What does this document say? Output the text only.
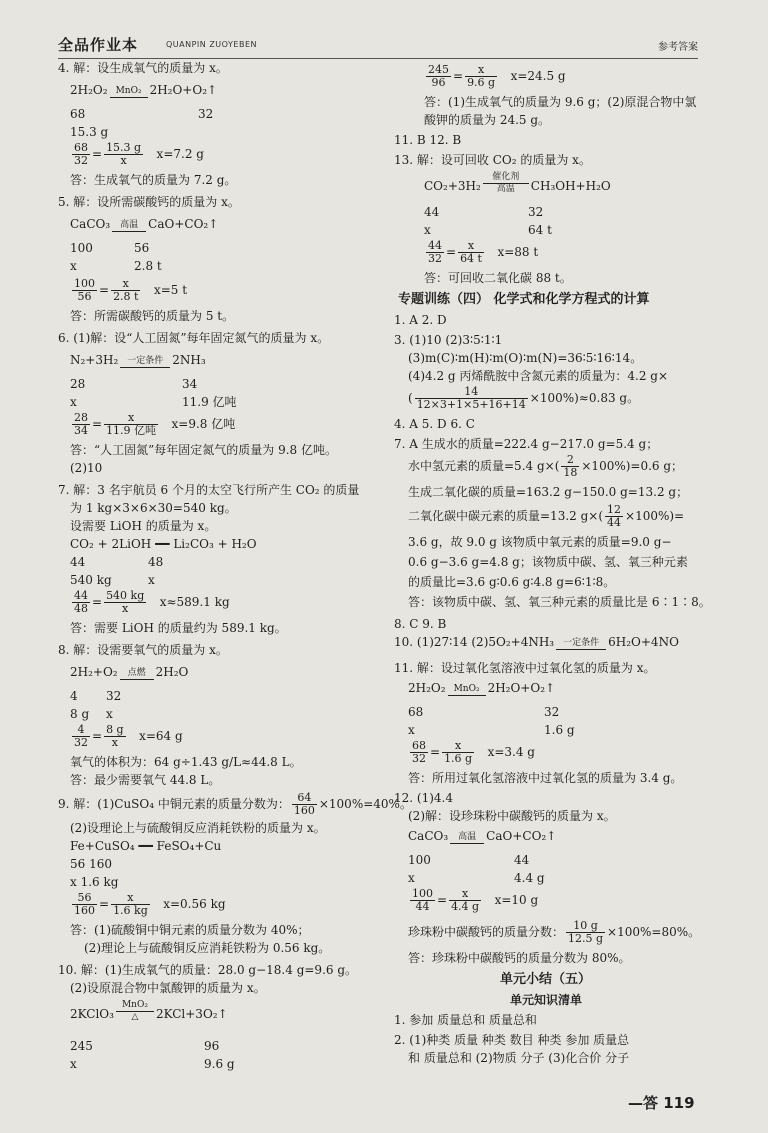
全品作业本	QUANPIN ZUOYEBEN	参考答案
4. 解：设生成氧气的质量为 x。
2H₂O₂ MnO₂ 2H₂O+O₂↑
68	32
15.3 g
$\frac{68}{32} = \frac{15.3 g}{x} x=7.2$ g
答：生成氧气的质量为 7.2 g。
5. 解：设所需碳酸钙的质量为 x。
CaCO₃	高温 CaO+CO₂↑
100	56
x	2.8 t
$\frac{100}{56} = \frac{x}{2.8 t} x=5$ t
答：所需碳酸钙的质量为 5 t。
6. (1)解：设“人工固氮”每年固定氮气的质量为 x。
N₂+3H₂ 一定条件 2NH₃
28	34
x	11.9 亿吨
$\frac{28}{34} = \frac{x}{\text{11.9 亿吨}} x=9.8$ 亿吨
答：“人工固氮”每年固定氮气的质量为 9.8 亿吨。
(2)10
7. 解：3 名宇航员 6 个月的太空飞行所产生 CO₂ 的质量
为 1 kg×3×6×30=540 kg。
设需要 LiOH 的质量为 x。
CO₂ + 2LiOH ━━ Li₂CO₃ + H₂O
44	48
540 kg	x
$\frac{44}{48} = \frac{540 kg}{x} x\approx 589.1$ kg
答：需要 LiOH 的质量约为 589.1 kg。
8. 解：设需要氧气的质量为 x。
2H₂+O₂	点燃 2H₂O
4 32
8 g x
$\frac{4}{32} = \frac{8 g}{x} x=64$ g
氧气的体积为：64 g÷1.43 g/L≈44.8 L。
答：最少需要氧气 44.8 L。
9. 解：(1)CuSO₄ 中铜元素的质量分数为： $\frac{64}{160} \times 100\%=40\%$。
(2)设理论上与硫酸铜反应消耗铁粉的质量为 x。
Fe+CuSO₄ ━━ FeSO₄+Cu
56 160
x 1.6 kg
$\frac{56}{160} = \frac{x}{1.6 kg} x=0.56$ kg
答：(1)硫酸铜中铜元素的质量分数为 40%；
(2)理论上与硫酸铜反应消耗铁粉为 0.56 kg。
10. 解：(1)生成氧气的质量：28.0 g−18.4 g=9.6 g。
(2)设原混合物中氯酸钾的质量为 x。
2KClO₃
MnO₂
△	2KCl+3O₂↑
245	96
x	9.6 g
$\frac{245}{96} = \frac{x}{9.6 g} x=24.5$ g
答：(1)生成氧气的质量为 9.6 g；(2)原混合物中氯
酸钾的质量为 24.5 g。
11. B 12. B
13. 解：设可回收 CO₂ 的质量为 x。
CO₂+3H₂
催化剂
高温	CH₃OH+H₂O
44	32
x	64 t
$\frac{44}{32} = \frac{x}{64 t} x=88$ t
答：可回收二氧化碳 88 t。
专题训练（四） 化学式和化学方程式的计算
1. A 2. D
3. (1)10 (2)3∶5∶1∶1
(3)m(C)∶m(H)∶m(O)∶m(N)=36∶5∶16∶14。
(4)4.2 g 丙烯酰胺中含氮元素的质量为：4.2 g×
( $\frac{14}{12\times 3+1\times 5+16+14} \times 100\%)\approx 0.83$ g。
4. A 5. D 6. C
7. A 生成水的质量=222.4 g−217.0 g=5.4 g；
水中氢元素的质量=5.4 $g\times( \frac{2}{18} \times 100\%)=0.6$ g；
生成二氧化碳的质量=163.2 g−150.0 g=13.2 g；
二氧化碳中碳元素的质量=13.2 $g\times( \frac{12}{44} \times 100\%)=$
3.6 g，故 9.0 g 该物质中氧元素的质量=9.0 g−
0.6 g−3.6 g=4.8 g；该物质中碳、氢、氧三种元素
的质量比=3.6 g∶0.6 g∶4.8 g=6∶1∶8。
答：该物质中碳、氢、氧三种元素的质量比是 6∶1∶8。
8. C 9. B
10. (1)27∶14 (2)5O₂+4NH₃ 一定条件 6H₂O+4NO
11. 解：设过氧化氢溶液中过氧化氢的质量为 x。
2H₂O₂ MnO₂ 2H₂O+O₂↑
68	32
x	1.6 g
$\frac{68}{32} = \frac{x}{1.6 g} x=3.4$ g
答：所用过氧化氢溶液中过氧化氢的质量为 3.4 g。
12. (1)4.4
(2)解：设珍珠粉中碳酸钙的质量为 x。
CaCO₃	高温 CaO+CO₂↑
100	44
x	4.4 g
$\frac{100}{44} = \frac{x}{4.4 g} x=10$ g
珍珠粉中碳酸钙的质量分数： $\frac{10 g}{12.5 g} \times 100\%=80\%$。
答：珍珠粉中碳酸钙的质量分数为 80%。
单元小结（五）
单元知识清单
1. 参加 质量总和 质量总和
2. (1)种类 质量 种类 数目 种类 参加 质量总
和 质量总和 (2)物质 分子 (3)化合价 分子
—答 119
